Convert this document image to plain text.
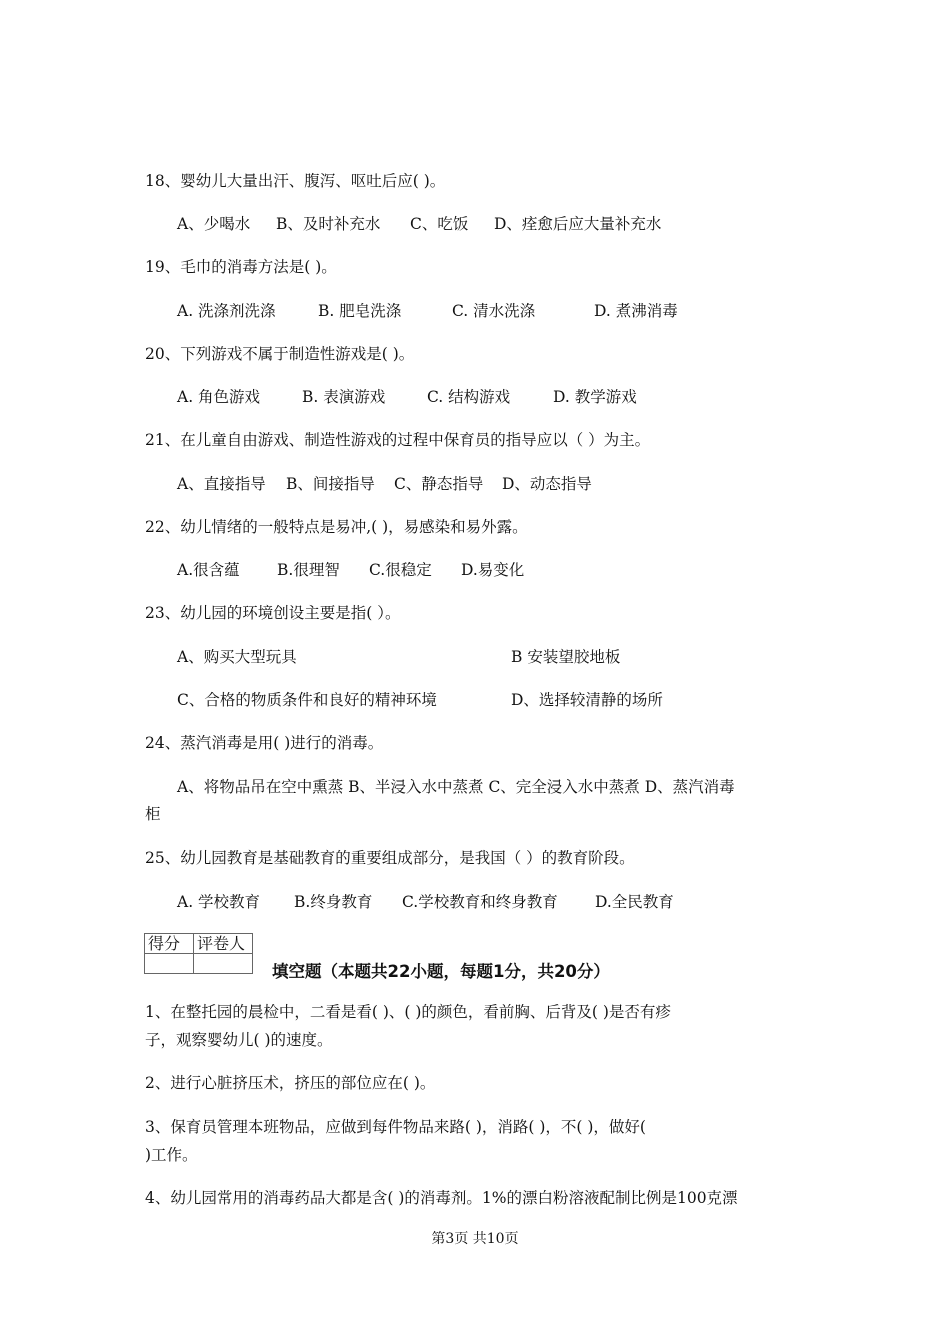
18、婴幼儿大量出汗、腹泻、呕吐后应( )。
A、少喝水 B、及时补充水 C、吃饭 D、痊愈后应大量补充水
19、毛巾的消毒方法是( )。
A. 洗涤剂洗涤	B. 肥皂洗涤	C. 清水洗涤	D. 煮沸消毒
20、下列游戏不属于制造性游戏是( )。
A. 角色游戏	B. 表演游戏	C. 结构游戏	D. 教学游戏
21、在儿童自由游戏、制造性游戏的过程中保育员的指导应以（ ）为主。
A、直接指导 B、间接指导 C、静态指导 D、动态指导
22、幼儿情绪的一般特点是易冲,( )，易感染和易外露。
A.很含蕴 B.很理智 C.很稳定 D.易变化
23、幼儿园的环境创设主要是指( ）。
A、购买大型玩具	B 安装望胶地板
C、合格的物质条件和良好的精神环境	D、选择较清静的场所
24、蒸汽消毒是用( )进行的消毒。
A、将物品吊在空中熏蒸 B、半浸入水中蒸煮 C、完全浸入水中蒸煮 D、蒸汽消毒
柜
25、幼儿园教育是基础教育的重要组成部分，是我国（ ）的教育阶段。
A. 学校教育 B.终身教育 C.学校教育和终身教育 D.全民教育
得分	评卷人

填空题（本题共22小题，每题1分，共20分）
1、在整托园的晨检中，二看是看( )、( )的颜色，看前胸、后背及( )是否有疹
子，观察婴幼儿( )的速度。
2、进行心脏挤压术，挤压的部位应在( )。
3、保育员管理本班物品，应做到每件物品来路( )，消路( )，不( )，做好(
)工作。
4、幼儿园常用的消毒药品大都是含( )的消毒剂。1%的漂白粉溶液配制比例是100克漂
第3页 共10页
